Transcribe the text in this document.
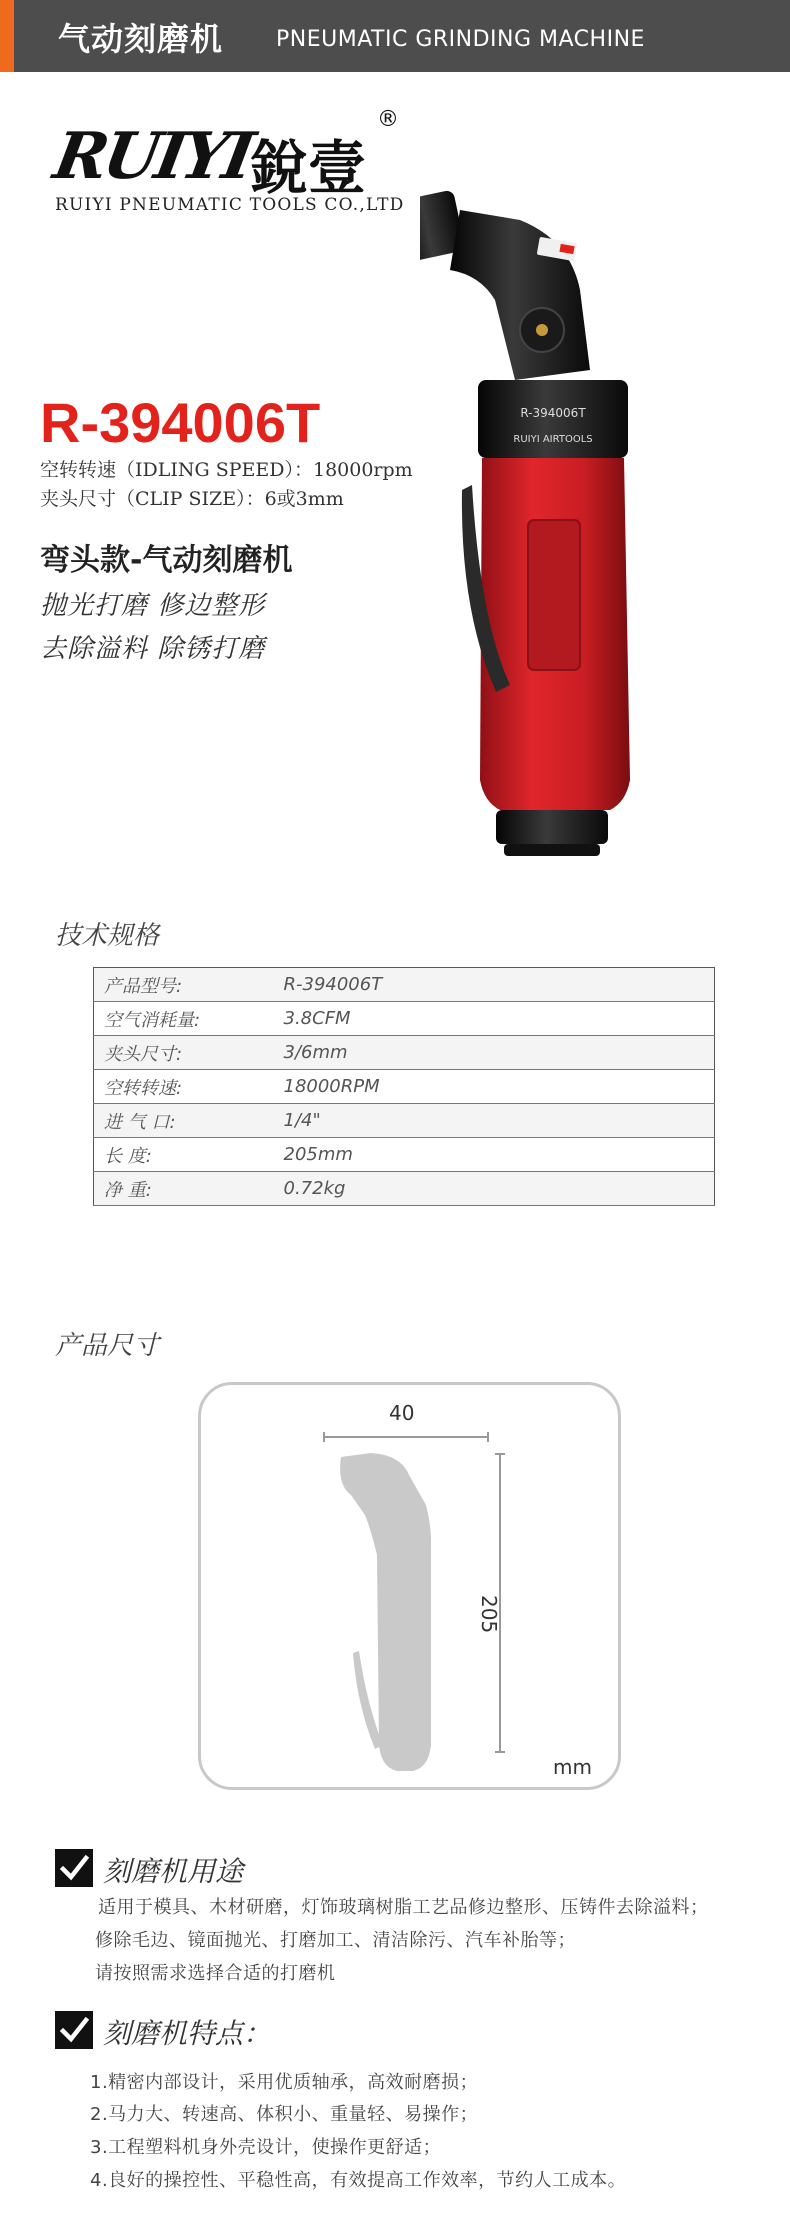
气动刻磨机 PNEUMATIC GRINDING MACHINE
RUIYI
銳壹
®
RUIYI PNEUMATIC TOOLS CO.,LTD
R-394006T
空转转速（IDLING SPEED）：18000rpm
夹头尺寸（CLIP SIZE）：6或3mm
弯头款-气动刻磨机
抛光打磨 修边整形
去除溢料 除锈打磨
R-394006T
RUIYI AIRTOOLS
技术规格
产品型号:	R-394006T
空气消耗量:	3.8CFM
夹头尺寸:	3/6mm
空转转速:	18000RPM
进 气 口:	1/4"
长 度:	205mm
净 重:	0.72kg
产品尺寸
40
205
mm
刻磨机用途
适用于模具、木材研磨，灯饰玻璃树脂工艺品修边整形、压铸件去除溢料；
修除毛边、镜面抛光、打磨加工、清洁除污、汽车补胎等；
请按照需求选择合适的打磨机
刻磨机特点：
1.精密内部设计，采用优质轴承，高效耐磨损；
2.马力大、转速高、体积小、重量轻、易操作；
3.工程塑料机身外壳设计，使操作更舒适；
4.良好的操控性、平稳性高，有效提高工作效率，节约人工成本。
